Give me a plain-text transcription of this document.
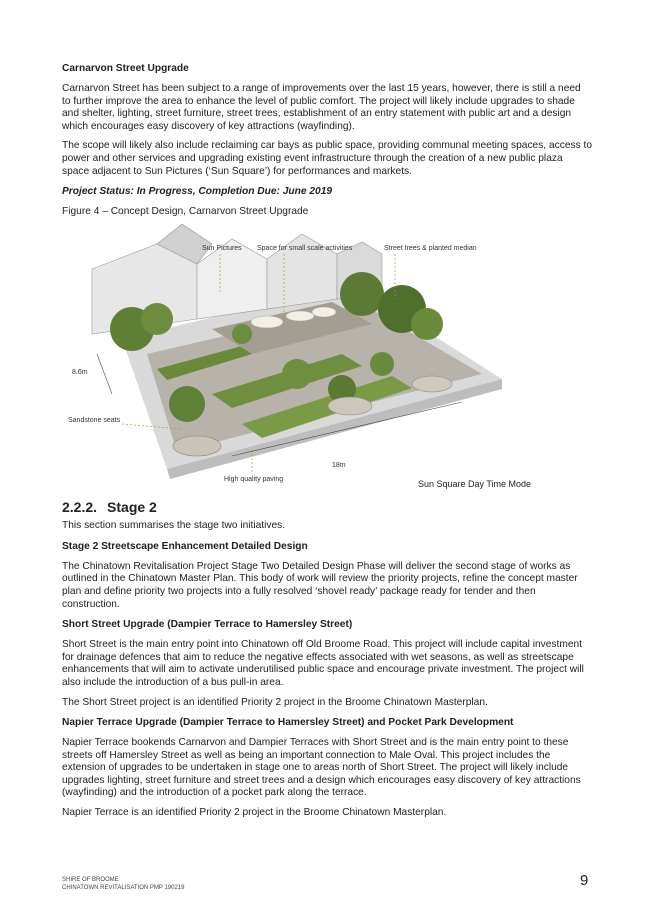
Carnarvon Street Upgrade

Carnarvon Street has been subject to a range of improvements over the last 15 years, however, there is still a need to further improve the area to enhance the level of public comfort. The project will likely include upgrades to shade and shelter, lighting, street furniture, street trees, establishment of an entry statement with public art and a design which encourages easy discovery of key attractions (wayfinding).

The scope will likely also include reclaiming car bays as public space, providing communal meeting spaces, access to power and other services and upgrading existing event infrastructure through the creation of a new public plaza space adjacent to Sun Pictures (‘Sun Square’) for performances and markets.

Project Status: In Progress, Completion Due: June 2019

Figure 4 – Concept Design, Carnarvon Street Upgrade

Sun Pictures Space for small scale activities	Street trees & planted median
8.6m
Sandstone seats
18m
High quality paving	Sun Square Day Time Mode
2.2.2. Stage 2

This section summarises the stage two initiatives.

Stage 2 Streetscape Enhancement Detailed Design

The Chinatown Revitalisation Project Stage Two Detailed Design Phase will deliver the second stage of works as outlined in the Chinatown Master Plan. This body of work will review the priority projects, refine the concept master plan and define priority two projects into a fully resolved ‘shovel ready’ package ready for tender and then construction.

Short Street Upgrade (Dampier Terrace to Hamersley Street)

Short Street is the main entry point into Chinatown off Old Broome Road. This project will include capital investment for drainage defences that aim to reduce the negative effects associated with wet seasons, as well as streetscape enhancements that will aim to activate underutilised public space and encourage private investment. The project will also include the introduction of a bus pull-in area.

The Short Street project is an identified Priority 2 project in the Broome Chinatown Masterplan.

Napier Terrace Upgrade (Dampier Terrace to Hamersley Street) and Pocket Park Development

Napier Terrace bookends Carnarvon and Dampier Terraces with Short Street and is the main entry point to these streets off Hamersley Street as well as being an important connection to Male Oval. This project includes the extension of upgrades to be undertaken in stage one to areas north of Short Street. The project will likely include upgrades lighting, street furniture and street trees and a design which encourages easy discovery of key attractions (wayfinding) and the introduction of a pocket park along the terrace.

Napier Terrace is an identified Priority 2 project in the Broome Chinatown Masterplan.

SHIRE OF BROOME
CHINATOWN REVITALISATION PMP 190219	9
